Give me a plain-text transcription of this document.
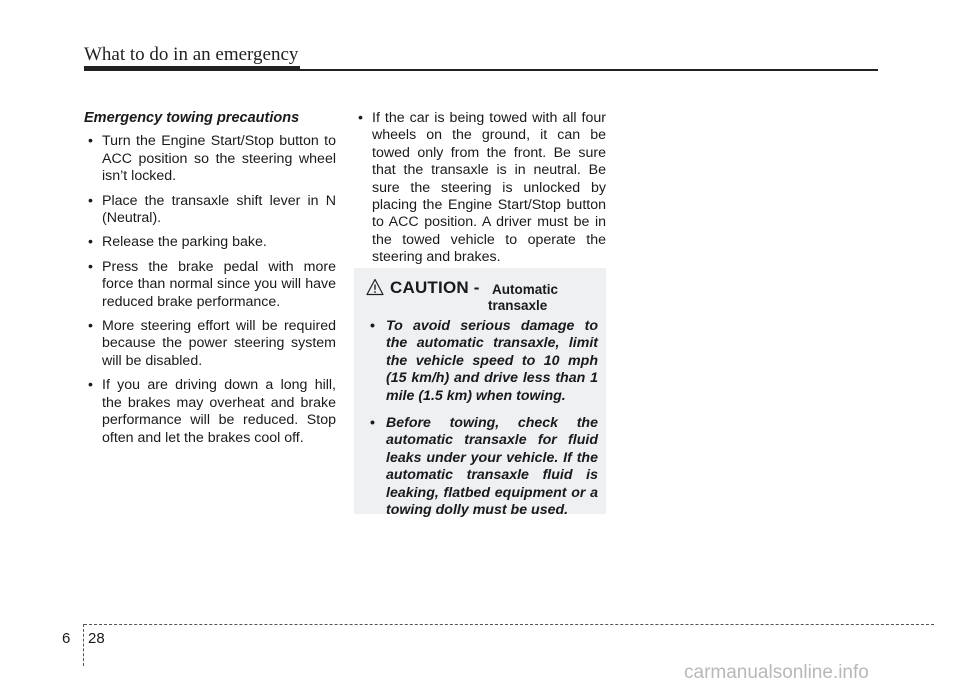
What to do in an emergency
Emergency towing precautions
• Turn the Engine Start/Stop button to ACC position so the steering wheel isn’t locked.
• Place the transaxle shift lever in N (Neutral).
• Release the parking bake.
• Press the brake pedal with more force than normal since you will have reduced brake performance.
• More steering effort will be required because the power steering system will be disabled.
• If you are driving down a long hill, the brakes may overheat and brake performance will be reduced. Stop often and let the brakes cool off.
• If the car is being towed with all four wheels on the ground, it can be towed only from the front. Be sure that the transaxle is in neutral. Be sure the steering is unlocked by placing the Engine Start/Stop button to ACC position. A driver must be in the towed vehicle to operate the steering and brakes.
CAUTION - Automatic
transaxle
• To avoid serious damage to the automatic transaxle, limit the vehicle speed to 10 mph (15 km/h) and drive less than 1 mile (1.5 km) when towing.
• Before towing, check the automatic transaxle for fluid leaks under your vehicle. If the automatic transaxle fluid is leaking, flatbed equipment or a towing dolly must be used.
6 28
carmanualsonline.info
